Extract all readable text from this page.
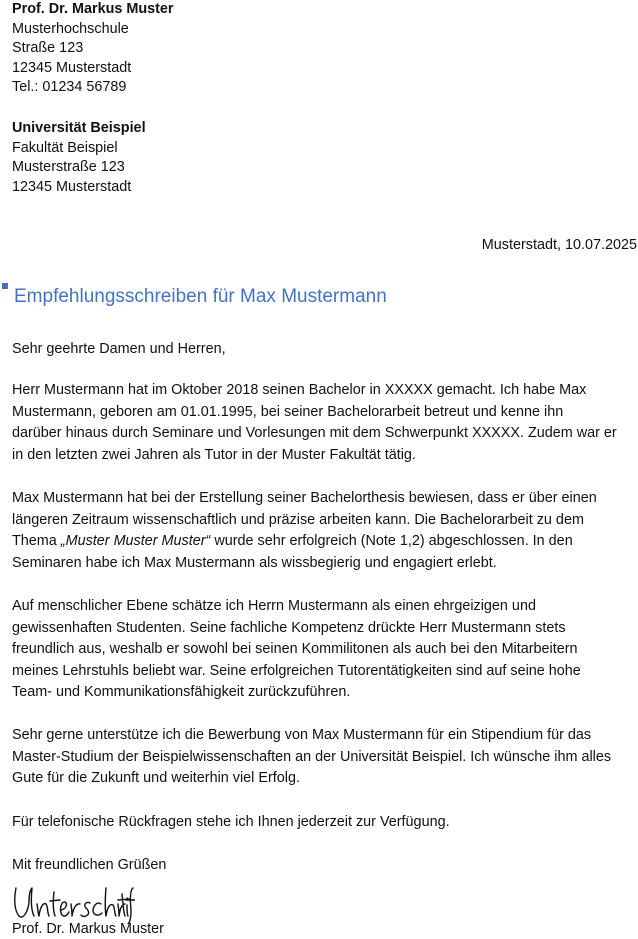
Prof. Dr. Markus Muster
Musterhochschule
Straße 123
12345 Musterstadt
Tel.: 01234 56789
Universität Beispiel
Fakultät Beispiel
Musterstraße 123
12345 Musterstadt
Musterstadt, 10.07.2025
Empfehlungsschreiben für Max Mustermann
Sehr geehrte Damen und Herren,
Herr Mustermann hat im Oktober 2018 seinen Bachelor in XXXXX gemacht. Ich habe Max
Mustermann, geboren am 01.01.1995, bei seiner Bachelorarbeit betreut und kenne ihn
darüber hinaus durch Seminare und Vorlesungen mit dem Schwerpunkt XXXXX. Zudem war er
in den letzten zwei Jahren als Tutor in der Muster Fakultät tätig.
Max Mustermann hat bei der Erstellung seiner Bachelorthesis bewiesen, dass er über einen
längeren Zeitraum wissenschaftlich und präzise arbeiten kann. Die Bachelorarbeit zu dem
Thema „Muster Muster Muster“ wurde sehr erfolgreich (Note 1,2) abgeschlossen. In den
Seminaren habe ich Max Mustermann als wissbegierig und engagiert erlebt.
Auf menschlicher Ebene schätze ich Herrn Mustermann als einen ehrgeizigen und
gewissenhaften Studenten. Seine fachliche Kompetenz drückte Herr Mustermann stets
freundlich aus, weshalb er sowohl bei seinen Kommilitonen als auch bei den Mitarbeitern
meines Lehrstuhls beliebt war. Seine erfolgreichen Tutorentätigkeiten sind auf seine hohe
Team- und Kommunikationsfähigkeit zurückzuführen.
Sehr gerne unterstütze ich die Bewerbung von Max Mustermann für ein Stipendium für das
Master-Studium der Beispielwissenschaften an der Universität Beispiel. Ich wünsche ihm alles
Gute für die Zukunft und weiterhin viel Erfolg.
Für telefonische Rückfragen stehe ich Ihnen jederzeit zur Verfügung.
Mit freundlichen Grüßen
Prof. Dr. Markus Muster
